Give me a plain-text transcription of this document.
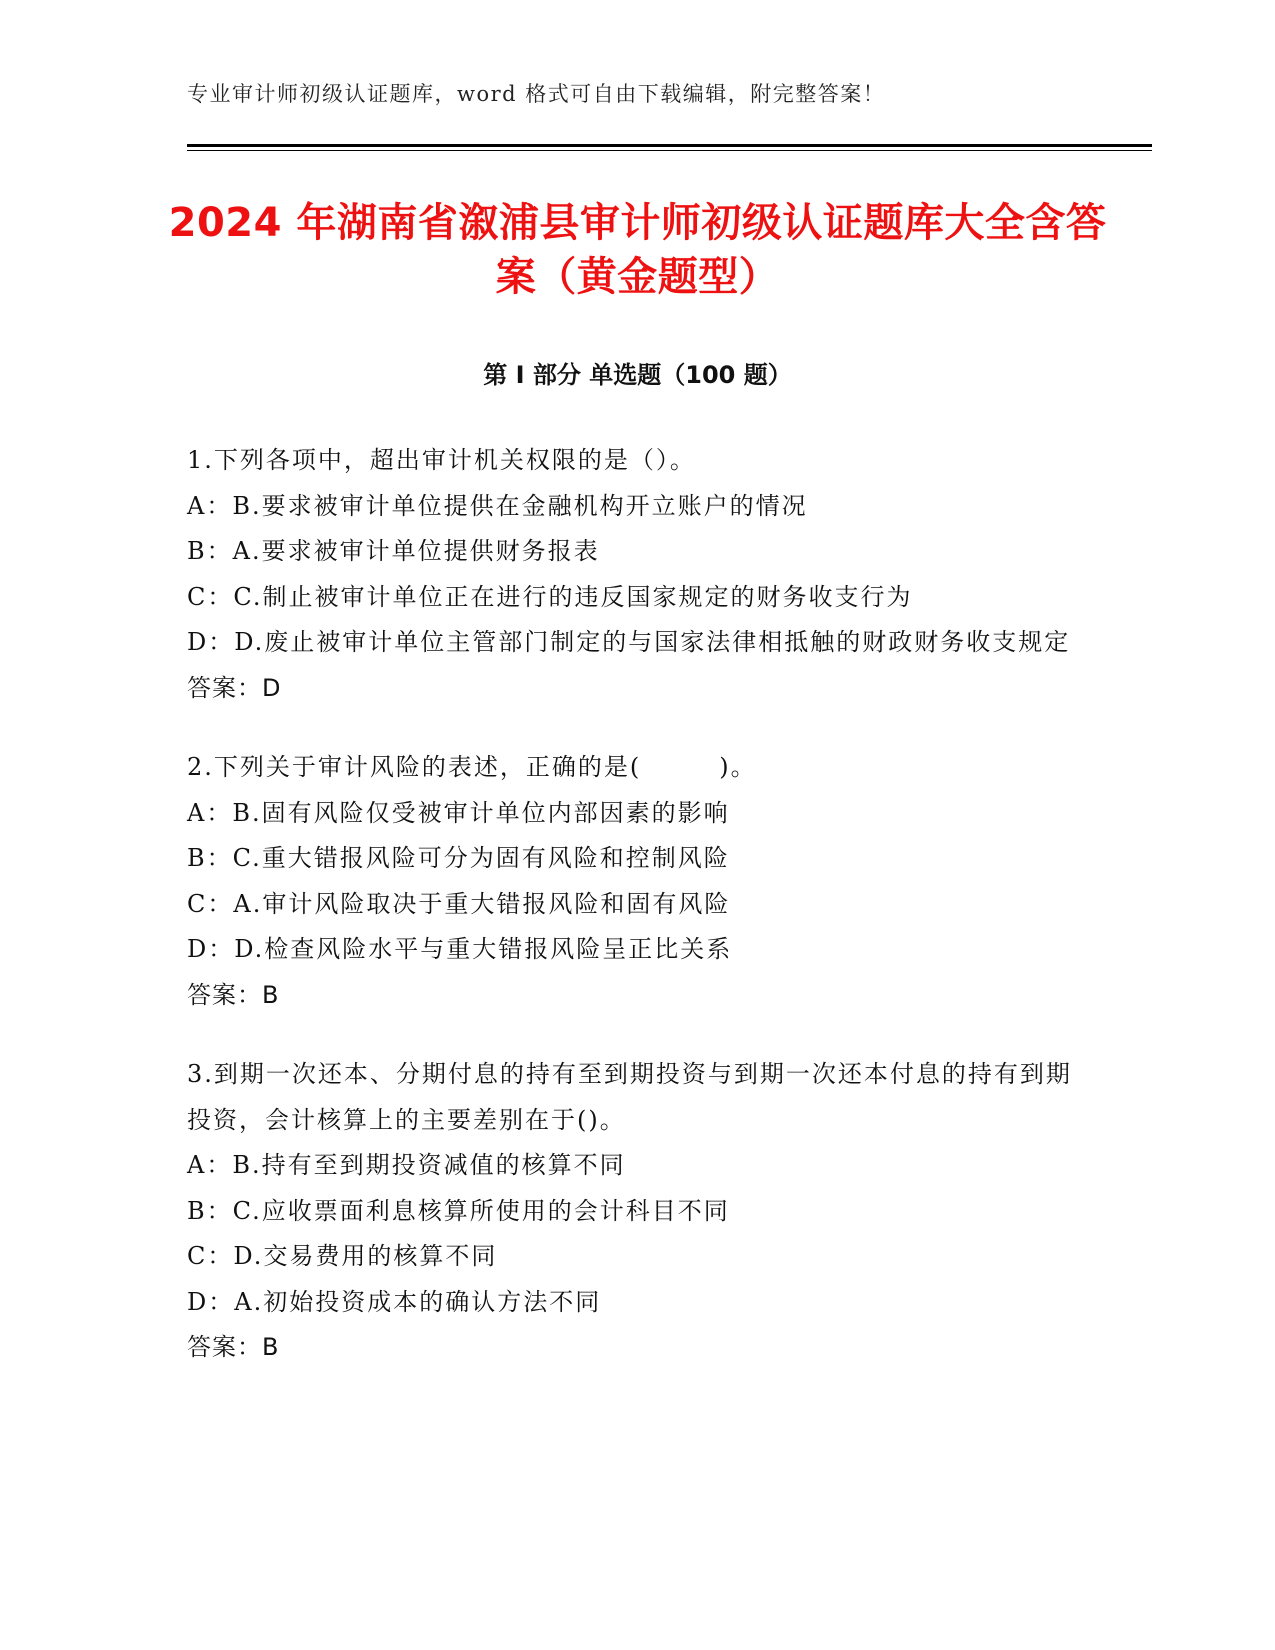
专业审计师初级认证题库，word 格式可自由下载编辑，附完整答案！
2024 年湖南省溆浦县审计师初级认证题库大全含答案（黄金题型）
第 I 部分 单选题（100 题）
1.下列各项中，超出审计机关权限的是（）。
A：B.要求被审计单位提供在金融机构开立账户的情况
B：A.要求被审计单位提供财务报表
C：C.制止被审计单位正在进行的违反国家规定的财务收支行为
D：D.废止被审计单位主管部门制定的与国家法律相抵触的财政财务收支规定
答案：D
2.下列关于审计风险的表述，正确的是(　　　)。
A：B.固有风险仅受被审计单位内部因素的影响
B：C.重大错报风险可分为固有风险和控制风险
C：A.审计风险取决于重大错报风险和固有风险
D：D.检查风险水平与重大错报风险呈正比关系
答案：B
3.到期一次还本、分期付息的持有至到期投资与到期一次还本付息的持有到期投资，会计核算上的主要差别在于()。
A：B.持有至到期投资减值的核算不同
B：C.应收票面利息核算所使用的会计科目不同
C：D.交易费用的核算不同
D：A.初始投资成本的确认方法不同
答案：B
